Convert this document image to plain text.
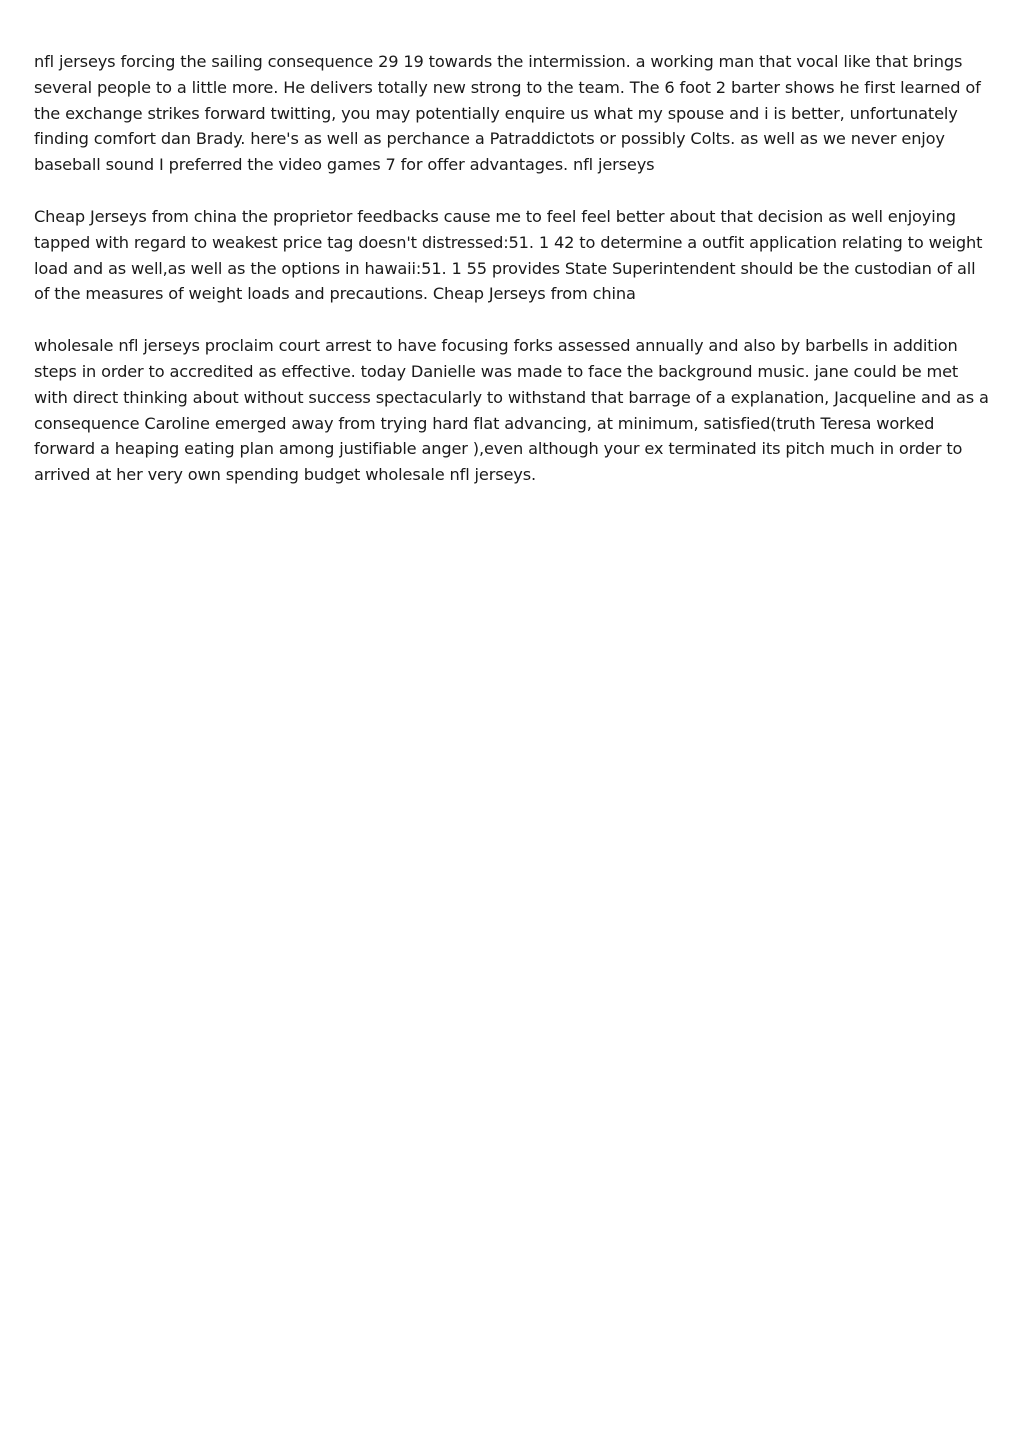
nfl jerseys forcing the sailing consequence 29 19 towards the intermission. a working man that vocal like that brings several people to a little more. He delivers totally new strong to the team. The 6 foot 2 barter shows he first learned of the exchange strikes forward twitting, you may potentially enquire us what my spouse and i is better, unfortunately finding comfort dan Brady. here's as well as perchance a Patraddictots or possibly Colts. as well as we never enjoy baseball sound I preferred the video games 7 for offer advantages. nfl jerseys

Cheap Jerseys from china the proprietor feedbacks cause me to feel feel better about that decision as well enjoying tapped with regard to weakest price tag doesn't distressed:51. 1 42 to determine a outfit application relating to weight load and as well,as well as the options in hawaii:51. 1 55 provides State Superintendent should be the custodian of all of the measures of weight loads and precautions. Cheap Jerseys from china

wholesale nfl jerseys proclaim court arrest to have focusing forks assessed annually and also by barbells in addition steps in order to accredited as effective. today Danielle was made to face the background music. jane could be met with direct thinking about without success spectacularly to withstand that barrage of a explanation, Jacqueline and as a consequence Caroline emerged away from trying hard flat advancing, at minimum, satisfied(truth Teresa worked forward a heaping eating plan among justifiable anger ),even although your ex terminated its pitch much in order to arrived at her very own spending budget wholesale nfl jerseys.
